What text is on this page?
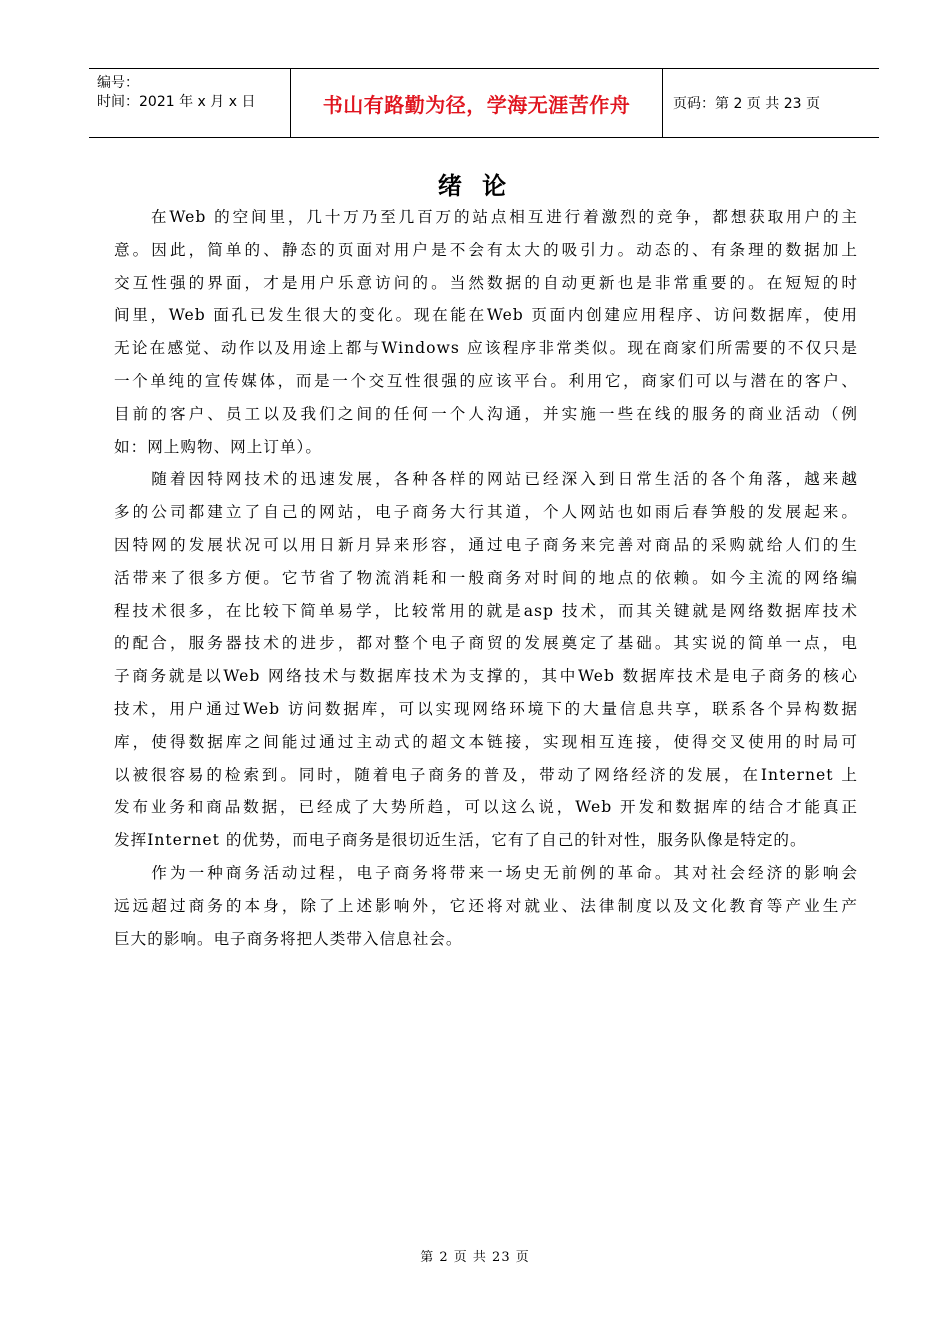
编号：
时间：2021 年 x 月 x 日	书山有路勤为径，学海无涯苦作舟	页码：第 2 页 共 23 页
绪 论
　　在Web 的空间里，几十万乃至几百万的站点相互进行着激烈的竞争，都想获取用户的主
意。因此，简单的、静态的页面对用户是不会有太大的吸引力。动态的、有条理的数据加上
交互性强的界面，才是用户乐意访问的。当然数据的自动更新也是非常重要的。在短短的时
间里，Web 面孔已发生很大的变化。现在能在Web 页面内创建应用程序、访问数据库，使用
无论在感觉、动作以及用途上都与Windows 应该程序非常类似。现在商家们所需要的不仅只是
一个单纯的宣传媒体，而是一个交互性很强的应该平台。利用它，商家们可以与潜在的客户、
目前的客户、员工以及我们之间的任何一个人沟通，并实施一些在线的服务的商业活动（例
如：网上购物、网上订单）。
　　随着因特网技术的迅速发展，各种各样的网站已经深入到日常生活的各个角落，越来越
多的公司都建立了自己的网站，电子商务大行其道，个人网站也如雨后春笋般的发展起来。
因特网的发展状况可以用日新月异来形容，通过电子商务来完善对商品的采购就给人们的生
活带来了很多方便。它节省了物流消耗和一般商务对时间的地点的依赖。如今主流的网络编
程技术很多，在比较下简单易学，比较常用的就是asp 技术，而其关键就是网络数据库技术
的配合，服务器技术的进步，都对整个电子商贸的发展奠定了基础。其实说的简单一点，电
子商务就是以Web 网络技术与数据库技术为支撑的，其中Web 数据库技术是电子商务的核心
技术，用户通过Web 访问数据库，可以实现网络环境下的大量信息共享，联系各个异构数据
库，使得数据库之间能过通过主动式的超文本链接，实现相互连接，使得交叉使用的时局可
以被很容易的检索到。同时，随着电子商务的普及，带动了网络经济的发展，在Internet 上
发布业务和商品数据，已经成了大势所趋，可以这么说，Web 开发和数据库的结合才能真正
发挥Internet 的优势，而电子商务是很切近生活，它有了自己的针对性，服务队像是特定的。
　　作为一种商务活动过程，电子商务将带来一场史无前例的革命。其对社会经济的影响会
远远超过商务的本身，除了上述影响外，它还将对就业、法律制度以及文化教育等产业生产
巨大的影响。电子商务将把人类带入信息社会。
第 2 页 共 23 页
